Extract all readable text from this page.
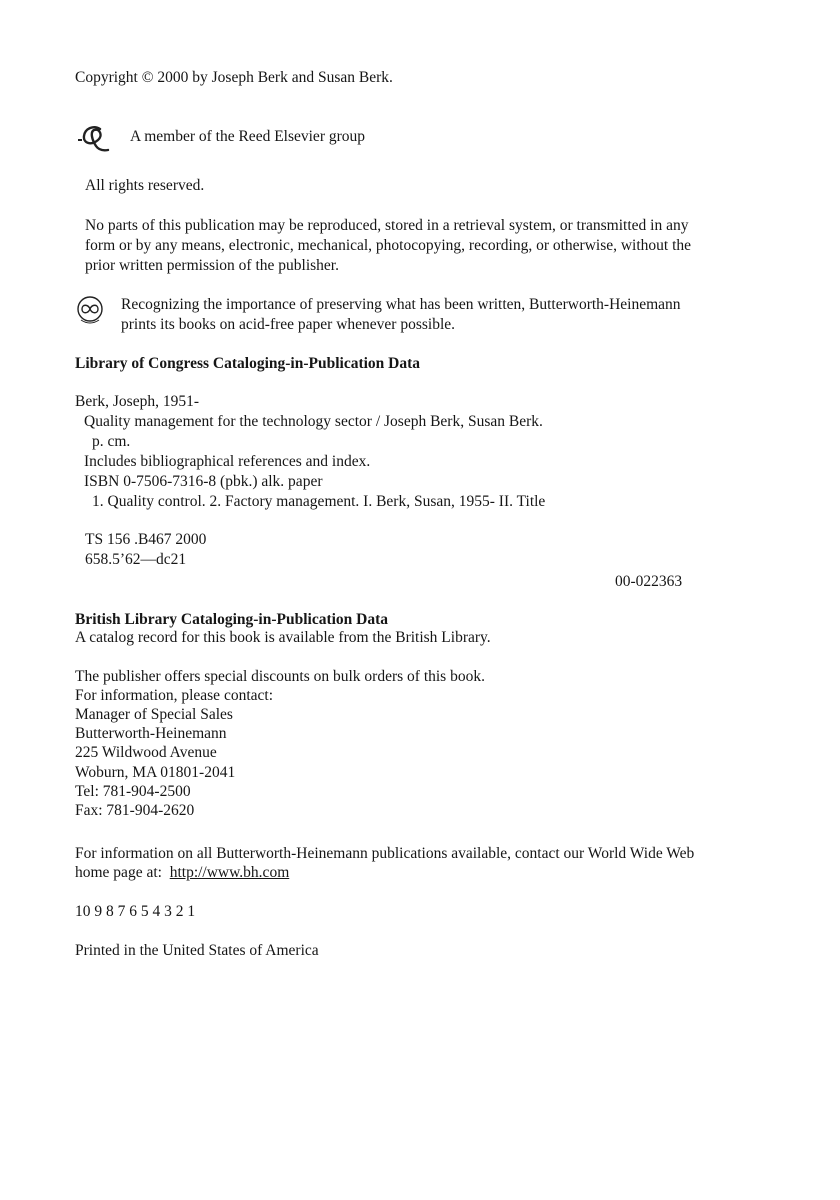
Copyright © 2000 by Joseph Berk and Susan Berk.
A member of the Reed Elsevier group
All rights reserved.
No parts of this publication may be reproduced, stored in a retrieval system, or transmitted in any
form or by any means, electronic, mechanical, photocopying, recording, or otherwise, without the
prior written permission of the publisher.
Recognizing the importance of preserving what has been written, Butterworth-Heinemann
prints its books on acid-free paper whenever possible.
Library of Congress Cataloging-in-Publication Data
Berk, Joseph, 1951-
Quality management for the technology sector / Joseph Berk, Susan Berk.
p. cm.
Includes bibliographical references and index.
ISBN 0-7506-7316-8 (pbk.) alk. paper
1. Quality control. 2. Factory management. I. Berk, Susan, 1955- II. Title
TS 156 .B467 2000
658.5’62—dc21
00-022363
British Library Cataloging-in-Publication Data
A catalog record for this book is available from the British Library.
The publisher offers special discounts on bulk orders of this book.
For information, please contact:
Manager of Special Sales
Butterworth-Heinemann
225 Wildwood Avenue
Woburn, MA 01801-2041
Tel: 781-904-2500
Fax: 781-904-2620
For information on all Butterworth-Heinemann publications available, contact our World Wide Web
home page at: http://www.bh.com
10 9 8 7 6 5 4 3 2 1
Printed in the United States of America
